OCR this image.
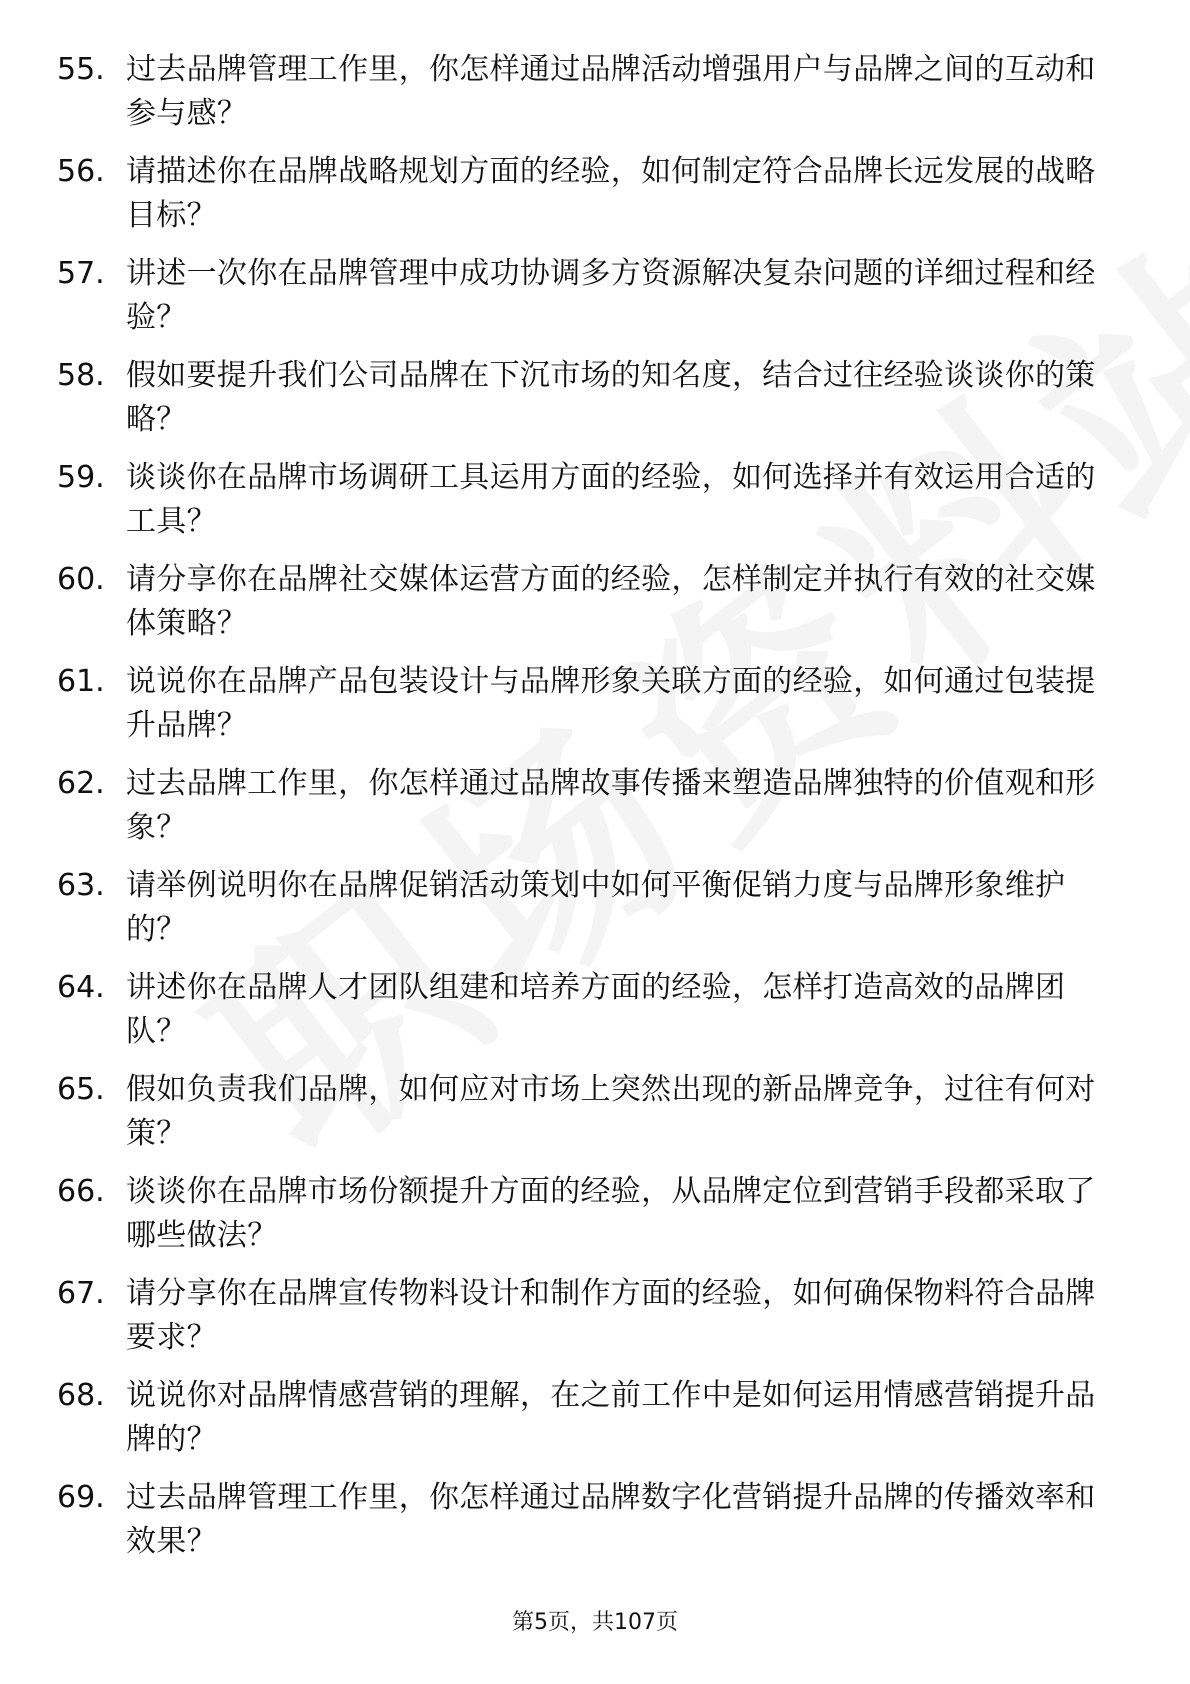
55. 过去品牌管理工作里，你怎样通过品牌活动增强用户与品牌之间的互动和参与感？
56. 请描述你在品牌战略规划方面的经验，如何制定符合品牌长远发展的战略目标？
57. 讲述一次你在品牌管理中成功协调多方资源解决复杂问题的详细过程和经验？
58. 假如要提升我们公司品牌在下沉市场的知名度，结合过往经验谈谈你的策略？
59. 谈谈你在品牌市场调研工具运用方面的经验，如何选择并有效运用合适的工具？
60. 请分享你在品牌社交媒体运营方面的经验，怎样制定并执行有效的社交媒体策略？
61. 说说你在品牌产品包装设计与品牌形象关联方面的经验，如何通过包装提升品牌？
62. 过去品牌工作里，你怎样通过品牌故事传播来塑造品牌独特的价值观和形象？
63. 请举例说明你在品牌促销活动策划中如何平衡促销力度与品牌形象维护的？
64. 讲述你在品牌人才团队组建和培养方面的经验，怎样打造高效的品牌团队？
65. 假如负责我们品牌，如何应对市场上突然出现的新品牌竞争，过往有何对策？
66. 谈谈你在品牌市场份额提升方面的经验，从品牌定位到营销手段都采取了哪些做法？
67. 请分享你在品牌宣传物料设计和制作方面的经验，如何确保物料符合品牌要求？
68. 说说你对品牌情感营销的理解，在之前工作中是如何运用情感营销提升品牌的？
69. 过去品牌管理工作里，你怎样通过品牌数字化营销提升品牌的传播效率和效果？
第5页，共107页
